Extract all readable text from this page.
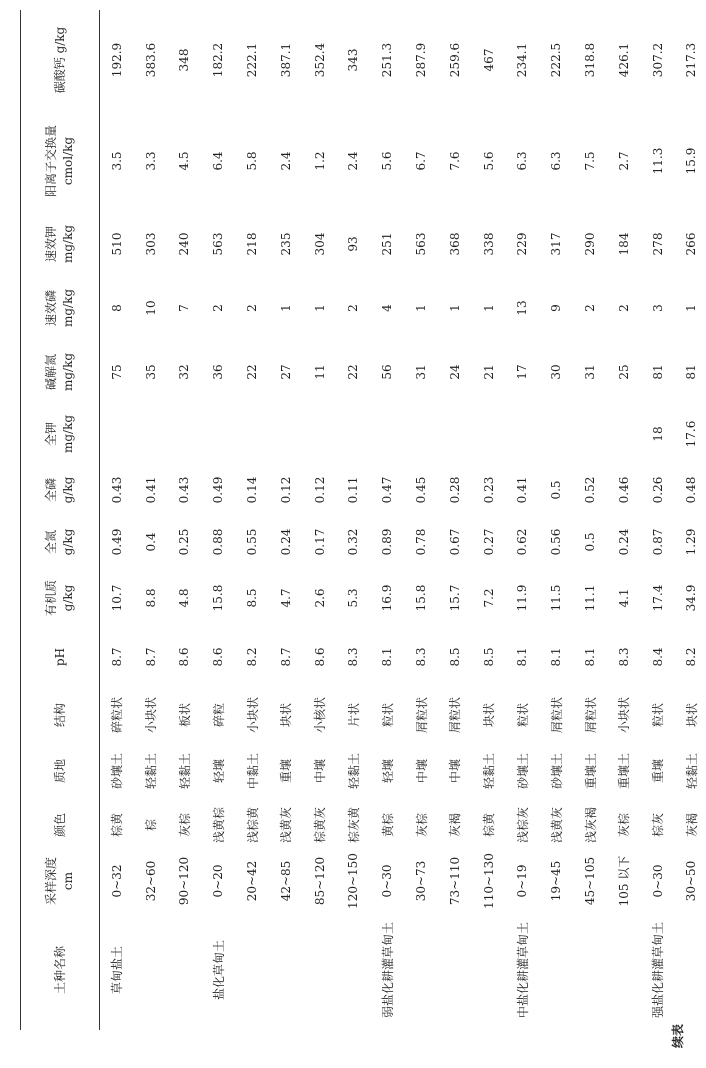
续表
土种名称	采样深度 cm	颜色	质地	结构	pH	有机质 g/kg	全氮 g/kg	全磷 g/kg	全钾 mg/kg	碱解氮 mg/kg	速效磷 mg/kg	速效钾 mg/kg	阳离子交换量 cmol/kg	碳酸钙 g/kg
草甸盐土	0~32	棕黄	砂壤土	碎粒状	8.7	10.7	0.49	0.43		75	8	510	3.5	192.9
	32~60	棕	轻黏土	小块状	8.7	8.8	0.4	0.41		35	10	303	3.3	383.6
	90~120	灰棕	轻黏土	板状	8.6	4.8	0.25	0.43		32	7	240	4.5	348
盐化草甸土	0~20	浅黄棕	轻壤	碎粒	8.6	15.8	0.88	0.49		36	2	563	6.4	182.2
	20~42	浅棕黄	中黏土	小块状	8.2	8.5	0.55	0.14		22	2	218	5.8	222.1
	42~85	浅黄灰	重壤	块状	8.7	4.7	0.24	0.12		27	1	235	2.4	387.1
	85~120	棕黄灰	中壤	小核状	8.6	2.6	0.17	0.12		11	1	304	1.2	352.4
	120~150	棕灰黄	轻黏土	片状	8.3	5.3	0.32	0.11		22	2	93	2.4	343
弱盐化耕灌草甸土	0~30	黄棕	轻壤	粒状	8.1	16.9	0.89	0.47		56	4	251	5.6	251.3
	30~73	灰棕	中壤	屑粒状	8.3	15.8	0.78	0.45		31	1	563	6.7	287.9
	73~110	灰褐	中壤	屑粒状	8.5	15.7	0.67	0.28		24	1	368	7.6	259.6
	110~130	棕黄	轻黏土	块状	8.5	7.2	0.27	0.23		21	1	338	5.6	467
中盐化耕灌草甸土	0~19	浅棕灰	砂壤土	粒状	8.1	11.9	0.62	0.41		17	13	229	6.3	234.1
	19~45	浅黄灰	砂壤土	屑粒状	8.1	11.5	0.56	0.5		30	9	317	6.3	222.5
	45~105	浅灰褐	重壤土	屑粒状	8.1	11.1	0.5	0.52		31	2	290	7.5	318.8
	105 以下	灰棕	重壤土	小块状	8.3	4.1	0.24	0.46		25	2	184	2.7	426.1
强盐化耕灌草甸土	0~30	棕灰	重壤	粒状	8.4	17.4	0.87	0.26	18	81	3	278	11.3	307.2
	30~50	灰褐	轻黏土	块状	8.2	34.9	1.29	0.48	17.6	81	1	266	15.9	217.3
